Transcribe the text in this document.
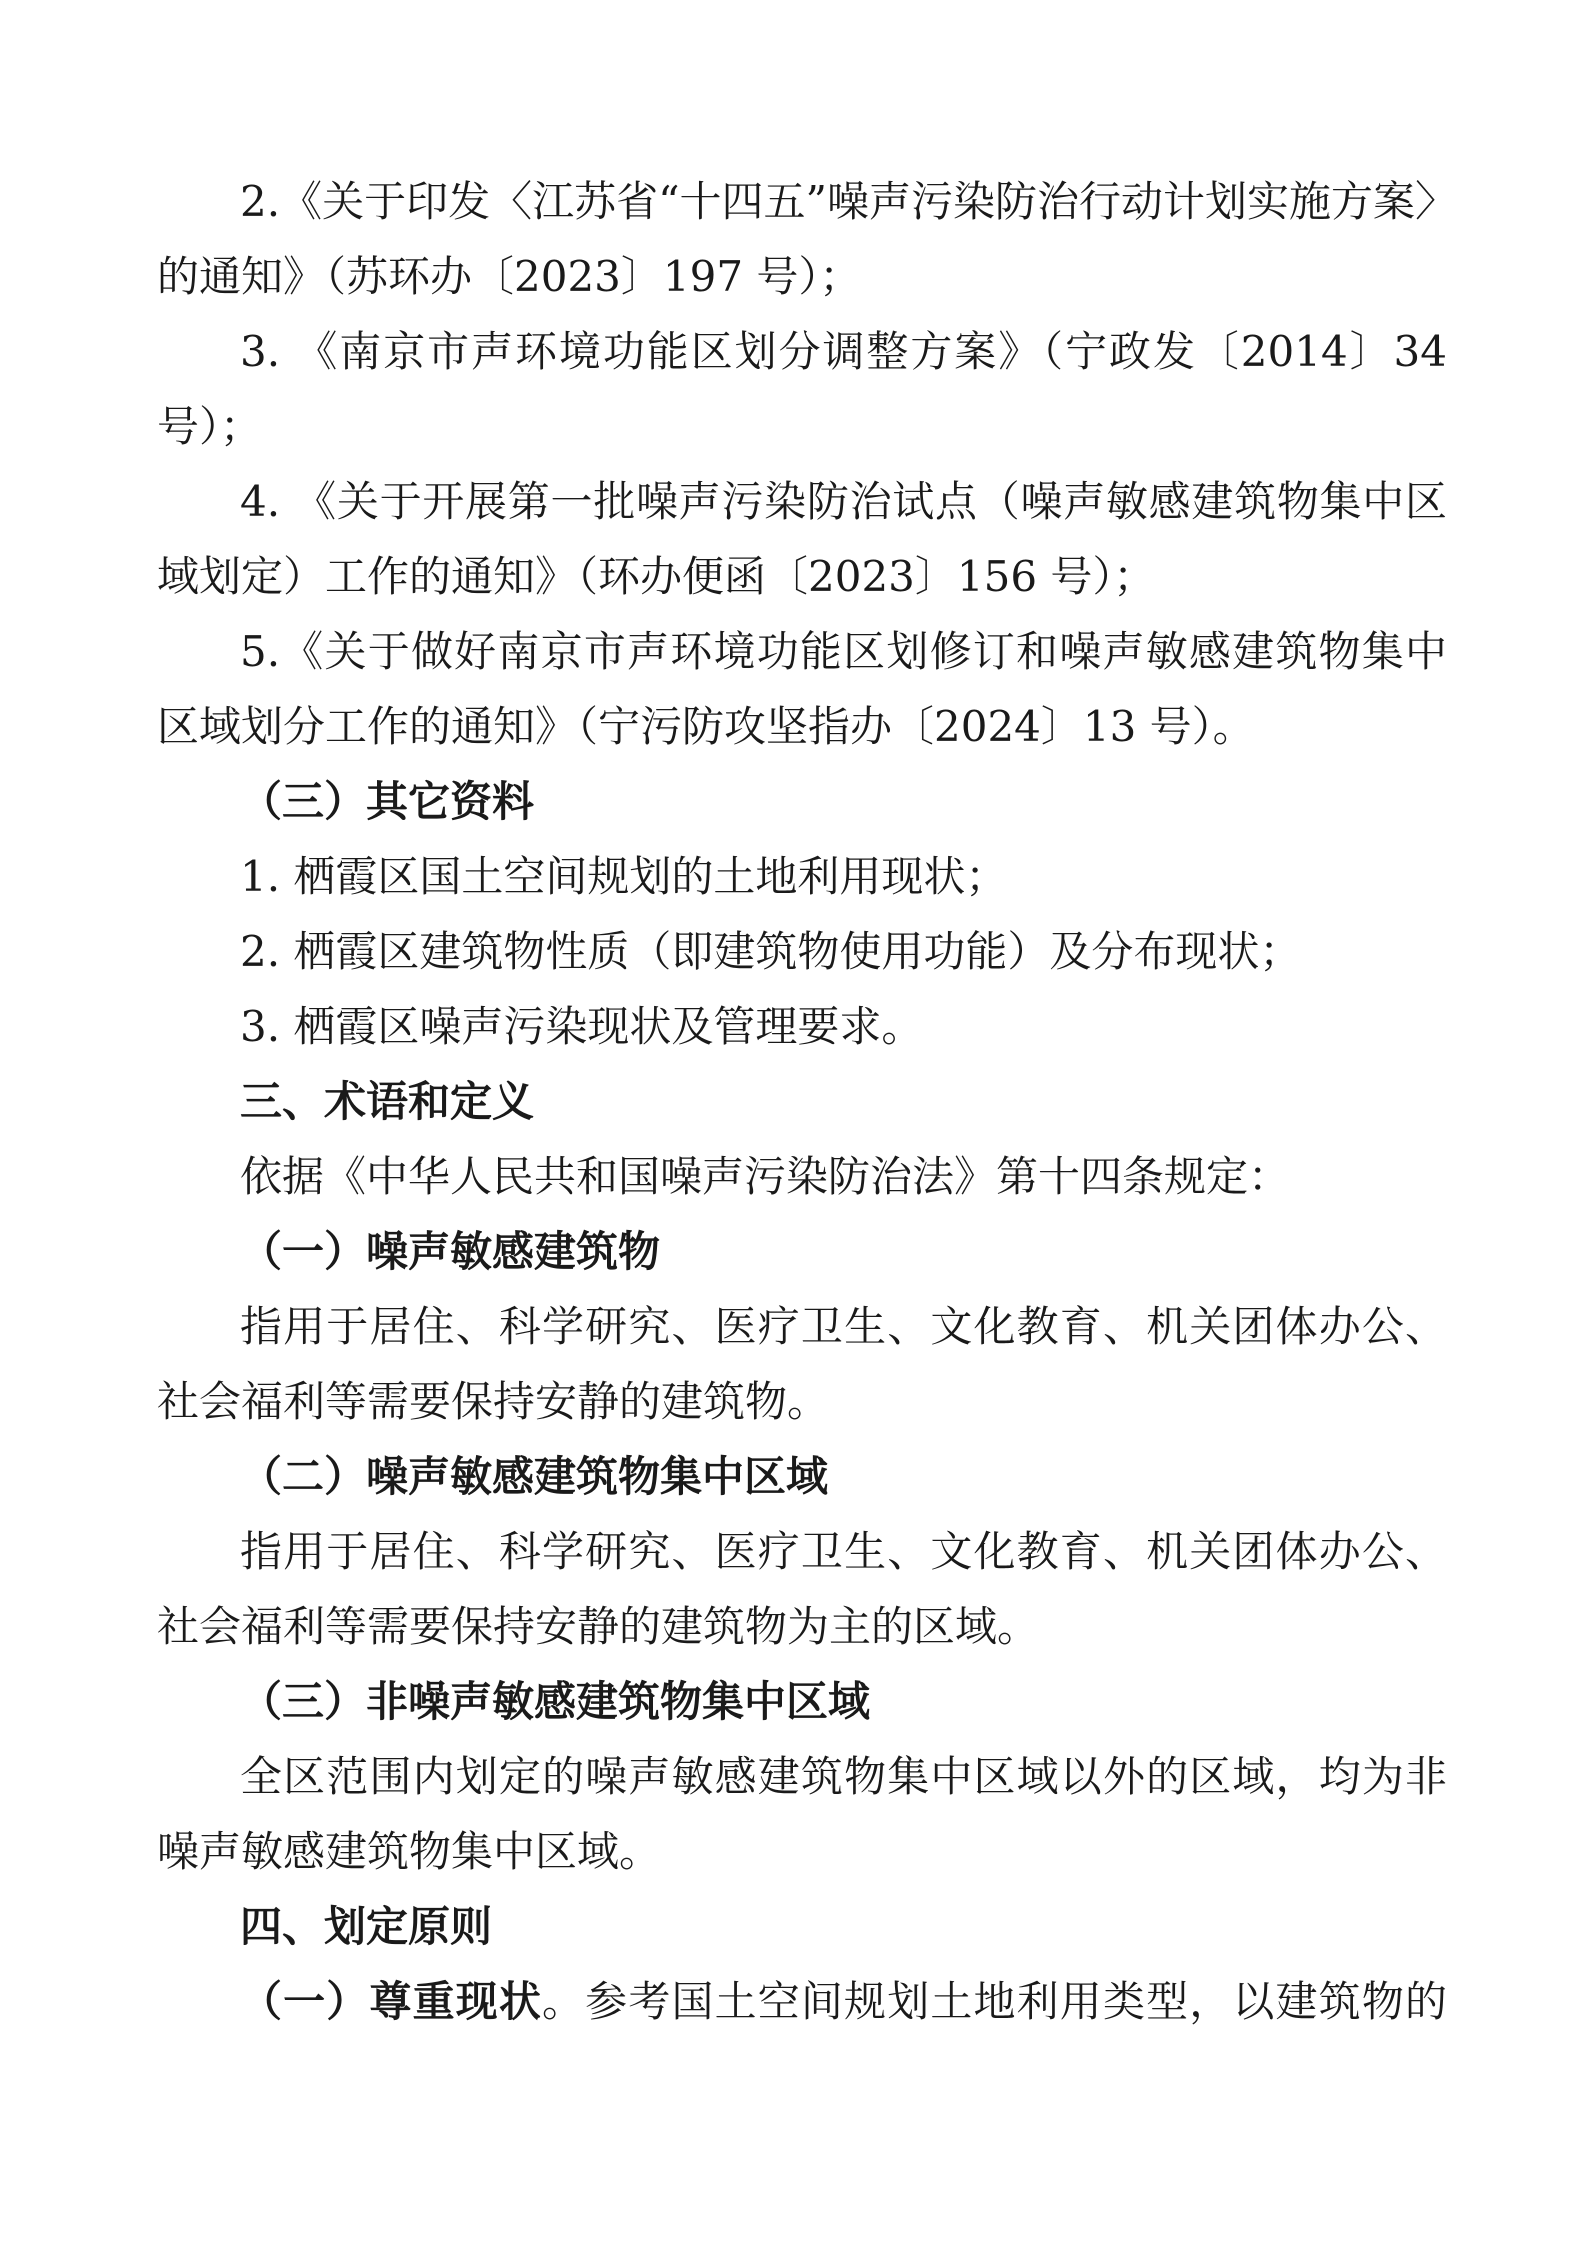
2.《关于印发〈江苏省“十四五”噪声污染防治行动计划实施方案〉
的通知》（苏环办〔2023〕197 号）；
3. 《南京市声环境功能区划分调整方案》（宁政发〔2014〕34
号）；
4. 《关于开展第一批噪声污染防治试点（噪声敏感建筑物集中区
域划定）工作的通知》（环办便函〔2023〕156 号）；
5.《关于做好南京市声环境功能区划修订和噪声敏感建筑物集中
区域划分工作的通知》（宁污防攻坚指办〔2024〕13 号）。
（三）其它资料
1. 栖霞区国土空间规划的土地利用现状；
2. 栖霞区建筑物性质（即建筑物使用功能）及分布现状；
3. 栖霞区噪声污染现状及管理要求。
三、术语和定义
依据《中华人民共和国噪声污染防治法》第十四条规定：
（一）噪声敏感建筑物
指用于居住、科学研究、医疗卫生、文化教育、机关团体办公、
社会福利等需要保持安静的建筑物。
（二）噪声敏感建筑物集中区域
指用于居住、科学研究、医疗卫生、文化教育、机关团体办公、
社会福利等需要保持安静的建筑物为主的区域。
（三）非噪声敏感建筑物集中区域
全区范围内划定的噪声敏感建筑物集中区域以外的区域，均为非
噪声敏感建筑物集中区域。
四、划定原则
（一）尊重现状。参考国土空间规划土地利用类型，以建筑物的
